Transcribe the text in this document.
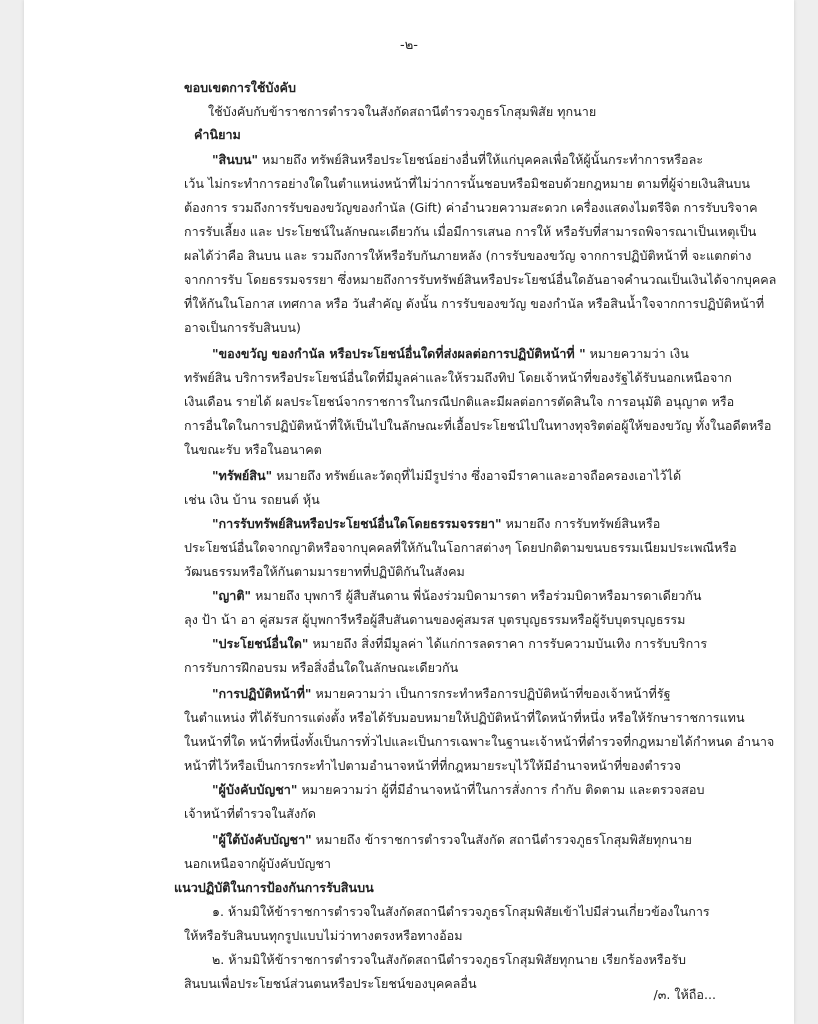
-๒-
ขอบเขตการใช้บังคับ
ใช้บังคับกับข้าราชการตำรวจในสังกัดสถานีตำรวจภูธรโกสุมพิสัย ทุกนาย
คำนิยาม
"สินบน" หมายถึง ทรัพย์สินหรือประโยชน์อย่างอื่นที่ให้แก่บุคคลเพื่อให้ผู้นั้นกระทำการหรือละ
เว้น ไม่กระทำการอย่างใดในตำแหน่งหน้าที่ไม่ว่าการนั้นชอบหรือมิชอบด้วยกฎหมาย ตามที่ผู้จ่ายเงินสินบน
ต้องการ รวมถึงการรับของขวัญของกำนัล (Gift) ค่าอำนวยความสะดวก เครื่องแสดงไมตรีจิต การรับบริจาค
การรับเลี้ยง และ ประโยชน์ในลักษณะเดียวกัน เมื่อมีการเสนอ การให้ หรือรับที่สามารถพิจารณาเป็นเหตุเป็น
ผลได้ว่าคือ สินบน และ รวมถึงการให้หรือรับกันภายหลัง (การรับของขวัญ จากการปฏิบัติหน้าที่ จะแตกต่าง
จากการรับ โดยธรรมจรรยา ซึ่งหมายถึงการรับทรัพย์สินหรือประโยชน์อื่นใดอันอาจคำนวณเป็นเงินได้จากบุคคล
ที่ให้กันในโอกาส เทศกาล หรือ วันสำคัญ ดังนั้น การรับของขวัญ ของกำนัล หรือสินน้ำใจจากการปฏิบัติหน้าที่
อาจเป็นการรับสินบน)
"ของขวัญ ของกำนัล หรือประโยชน์อื่นใดที่ส่งผลต่อการปฏิบัติหน้าที่ " หมายความว่า เงิน
ทรัพย์สิน บริการหรือประโยชน์อื่นใดที่มีมูลค่าและให้รวมถึงทิป โดยเจ้าหน้าที่ของรัฐได้รับนอกเหนือจาก
เงินเดือน รายได้ ผลประโยชน์จากราชการในกรณีปกติและมีผลต่อการตัดสินใจ การอนุมัติ อนุญาต หรือ
การอื่นใดในการปฏิบัติหน้าที่ให้เป็นไปในลักษณะที่เอื้อประโยชน์ไปในทางทุจริตต่อผู้ให้ของขวัญ ทั้งในอดีตหรือ
ในขณะรับ หรือในอนาคต
"ทรัพย์สิน" หมายถึง ทรัพย์และวัตถุที่ไม่มีรูปร่าง ซึ่งอาจมีราคาและอาจถือครองเอาไว้ได้
เช่น เงิน บ้าน รถยนต์ หุ้น
"การรับทรัพย์สินหรือประโยชน์อื่นใดโดยธรรมจรรยา" หมายถึง การรับทรัพย์สินหรือ
ประโยชน์อื่นใดจากญาติหรือจากบุคคลที่ให้กันในโอกาสต่างๆ โดยปกติตามขนบธรรมเนียมประเพณีหรือ
วัฒนธรรมหรือให้กันตามมารยาทที่ปฏิบัติกันในสังคม
"ญาติ" หมายถึง บุพการี ผู้สืบสันดาน พี่น้องร่วมบิดามารดา หรือร่วมบิดาหรือมารดาเดียวกัน
ลุง ป้า น้า อา คู่สมรส ผู้บุพการีหรือผู้สืบสันดานของคู่สมรส บุตรบุญธรรมหรือผู้รับบุตรบุญธรรม
"ประโยชน์อื่นใด" หมายถึง สิ่งที่มีมูลค่า ได้แก่การลดราคา การรับความบันเทิง การรับบริการ
การรับการฝึกอบรม หรือสิ่งอื่นใดในลักษณะเดียวกัน
"การปฏิบัติหน้าที่" หมายความว่า เป็นการกระทำหรือการปฏิบัติหน้าที่ของเจ้าหน้าที่รัฐ
ในตำแหน่ง ที่ได้รับการแต่งตั้ง หรือได้รับมอบหมายให้ปฏิบัติหน้าที่ใดหน้าที่หนึ่ง หรือให้รักษาราชการแทน
ในหน้าที่ใด หน้าที่หนึ่งทั้งเป็นการทั่วไปและเป็นการเฉพาะในฐานะเจ้าหน้าที่ตำรวจที่กฎหมายได้กำหนด อำนาจ
หน้าที่ไว้หรือเป็นการกระทำไปตามอำนาจหน้าที่ที่กฎหมายระบุไว้ให้มีอำนาจหน้าที่ของตำรวจ
"ผู้บังคับบัญชา" หมายความว่า ผู้ที่มีอำนาจหน้าที่ในการสั่งการ กำกับ ติดตาม และตรวจสอบ
เจ้าหน้าที่ตำรวจในสังกัด
"ผู้ใต้บังคับบัญชา" หมายถึง ข้าราชการตำรวจในสังกัด สถานีตำรวจภูธรโกสุมพิสัยทุกนาย
นอกเหนือจากผู้บังคับบัญชา
แนวปฏิบัติในการป้องกันการรับสินบน
๑. ห้ามมิให้ข้าราชการตำรวจในสังกัดสถานีตำรวจภูธรโกสุมพิสัยเข้าไปมีส่วนเกี่ยวข้องในการ
ให้หรือรับสินบนทุกรูปแบบไม่ว่าทางตรงหรือทางอ้อม
๒. ห้ามมิให้ข้าราชการตำรวจในสังกัดสถานีตำรวจภูธรโกสุมพิสัยทุกนาย เรียกร้องหรือรับ
สินบนเพื่อประโยชน์ส่วนตนหรือประโยชน์ของบุคคลอื่น
/๓. ให้ถือ...
